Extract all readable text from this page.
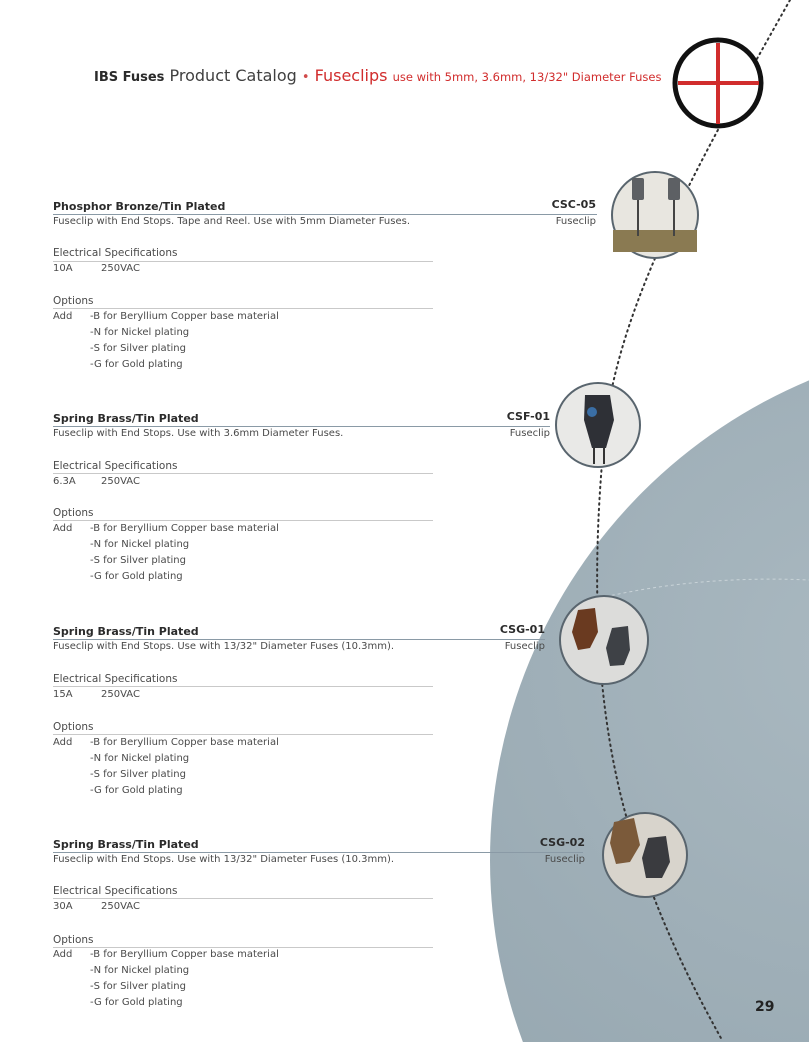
IBS Fuses Product Catalog • Fuseclips use with 5mm, 3.6mm, 13/32" Diameter Fuses
Phosphor Bronze/Tin Plated
Fuseclip with End Stops. Tape and Reel. Use with 5mm Diameter Fuses.
CSC-05
Fuseclip
Electrical Specifications
10A	250VAC
Options
Add -B for Beryllium Copper base material
-N for Nickel plating
-S for Silver plating
-G for Gold plating
Spring Brass/Tin Plated
Fuseclip with End Stops. Use with 3.6mm Diameter Fuses.
CSF-01
Fuseclip
Electrical Specifications
6.3A	250VAC
Options
Add -B for Beryllium Copper base material
-N for Nickel plating
-S for Silver plating
-G for Gold plating
Spring Brass/Tin Plated
Fuseclip with End Stops. Use with 13/32" Diameter Fuses (10.3mm).
CSG-01
Fuseclip
Electrical Specifications
15A	250VAC
Options
Add -B for Beryllium Copper base material
-N for Nickel plating
-S for Silver plating
-G for Gold plating
Spring Brass/Tin Plated
Fuseclip with End Stops. Use with 13/32" Diameter Fuses (10.3mm).
CSG-02
Fuseclip
Electrical Specifications
30A	250VAC
Options
Add -B for Beryllium Copper base material
-N for Nickel plating
-S for Silver plating
-G for Gold plating	29
